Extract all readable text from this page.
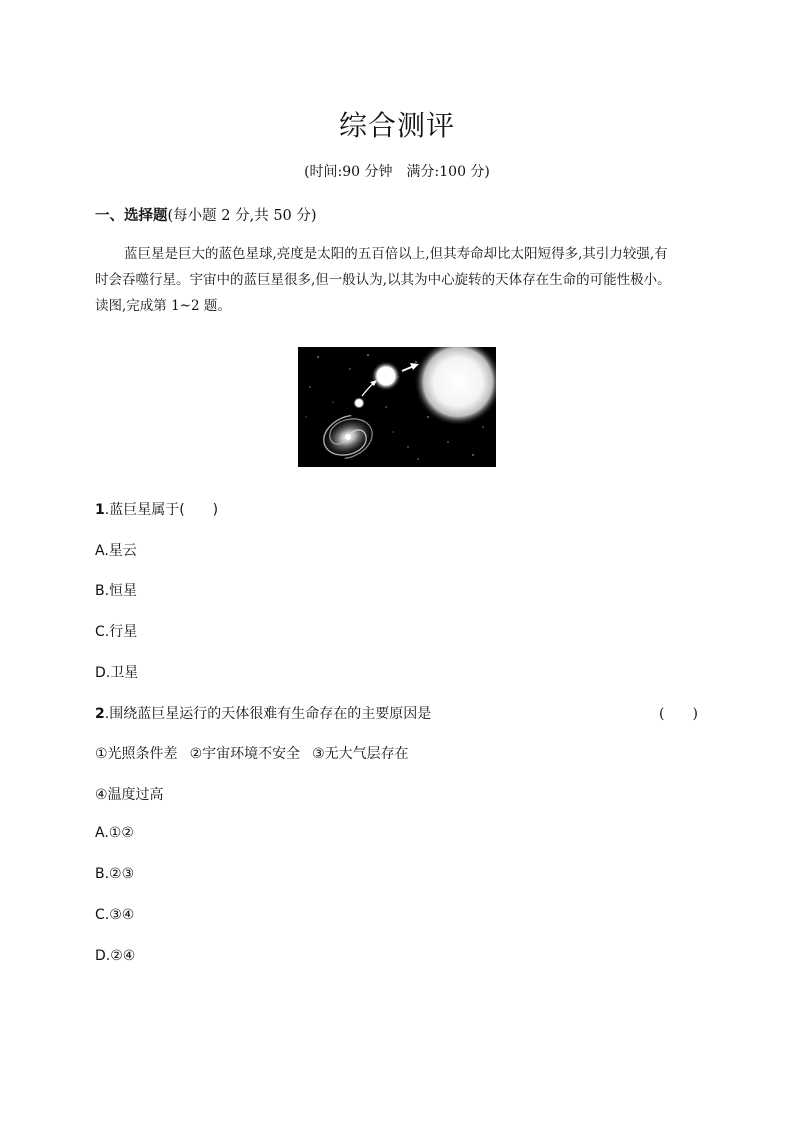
综合测评
(时间:90 分钟　满分:100 分)
一、选择题(每小题 2 分,共 50 分)
蓝巨星是巨大的蓝色星球,亮度是太阳的五百倍以上,但其寿命却比太阳短得多,其引力较强,有
时会吞噬行星。宇宙中的蓝巨星很多,但一般认为,以其为中心旋转的天体存在生命的可能性极小。
读图,完成第 1~2 题。
1.蓝巨星属于(　　)
A.星云
B.恒星
C.行星
D.卫星
2.围绕蓝巨星运行的天体很难有生命存在的主要原因是	(　　)
①光照条件差 ②宇宙环境不安全 ③无大气层存在
④温度过高
A.①②
B.②③
C.③④
D.②④
